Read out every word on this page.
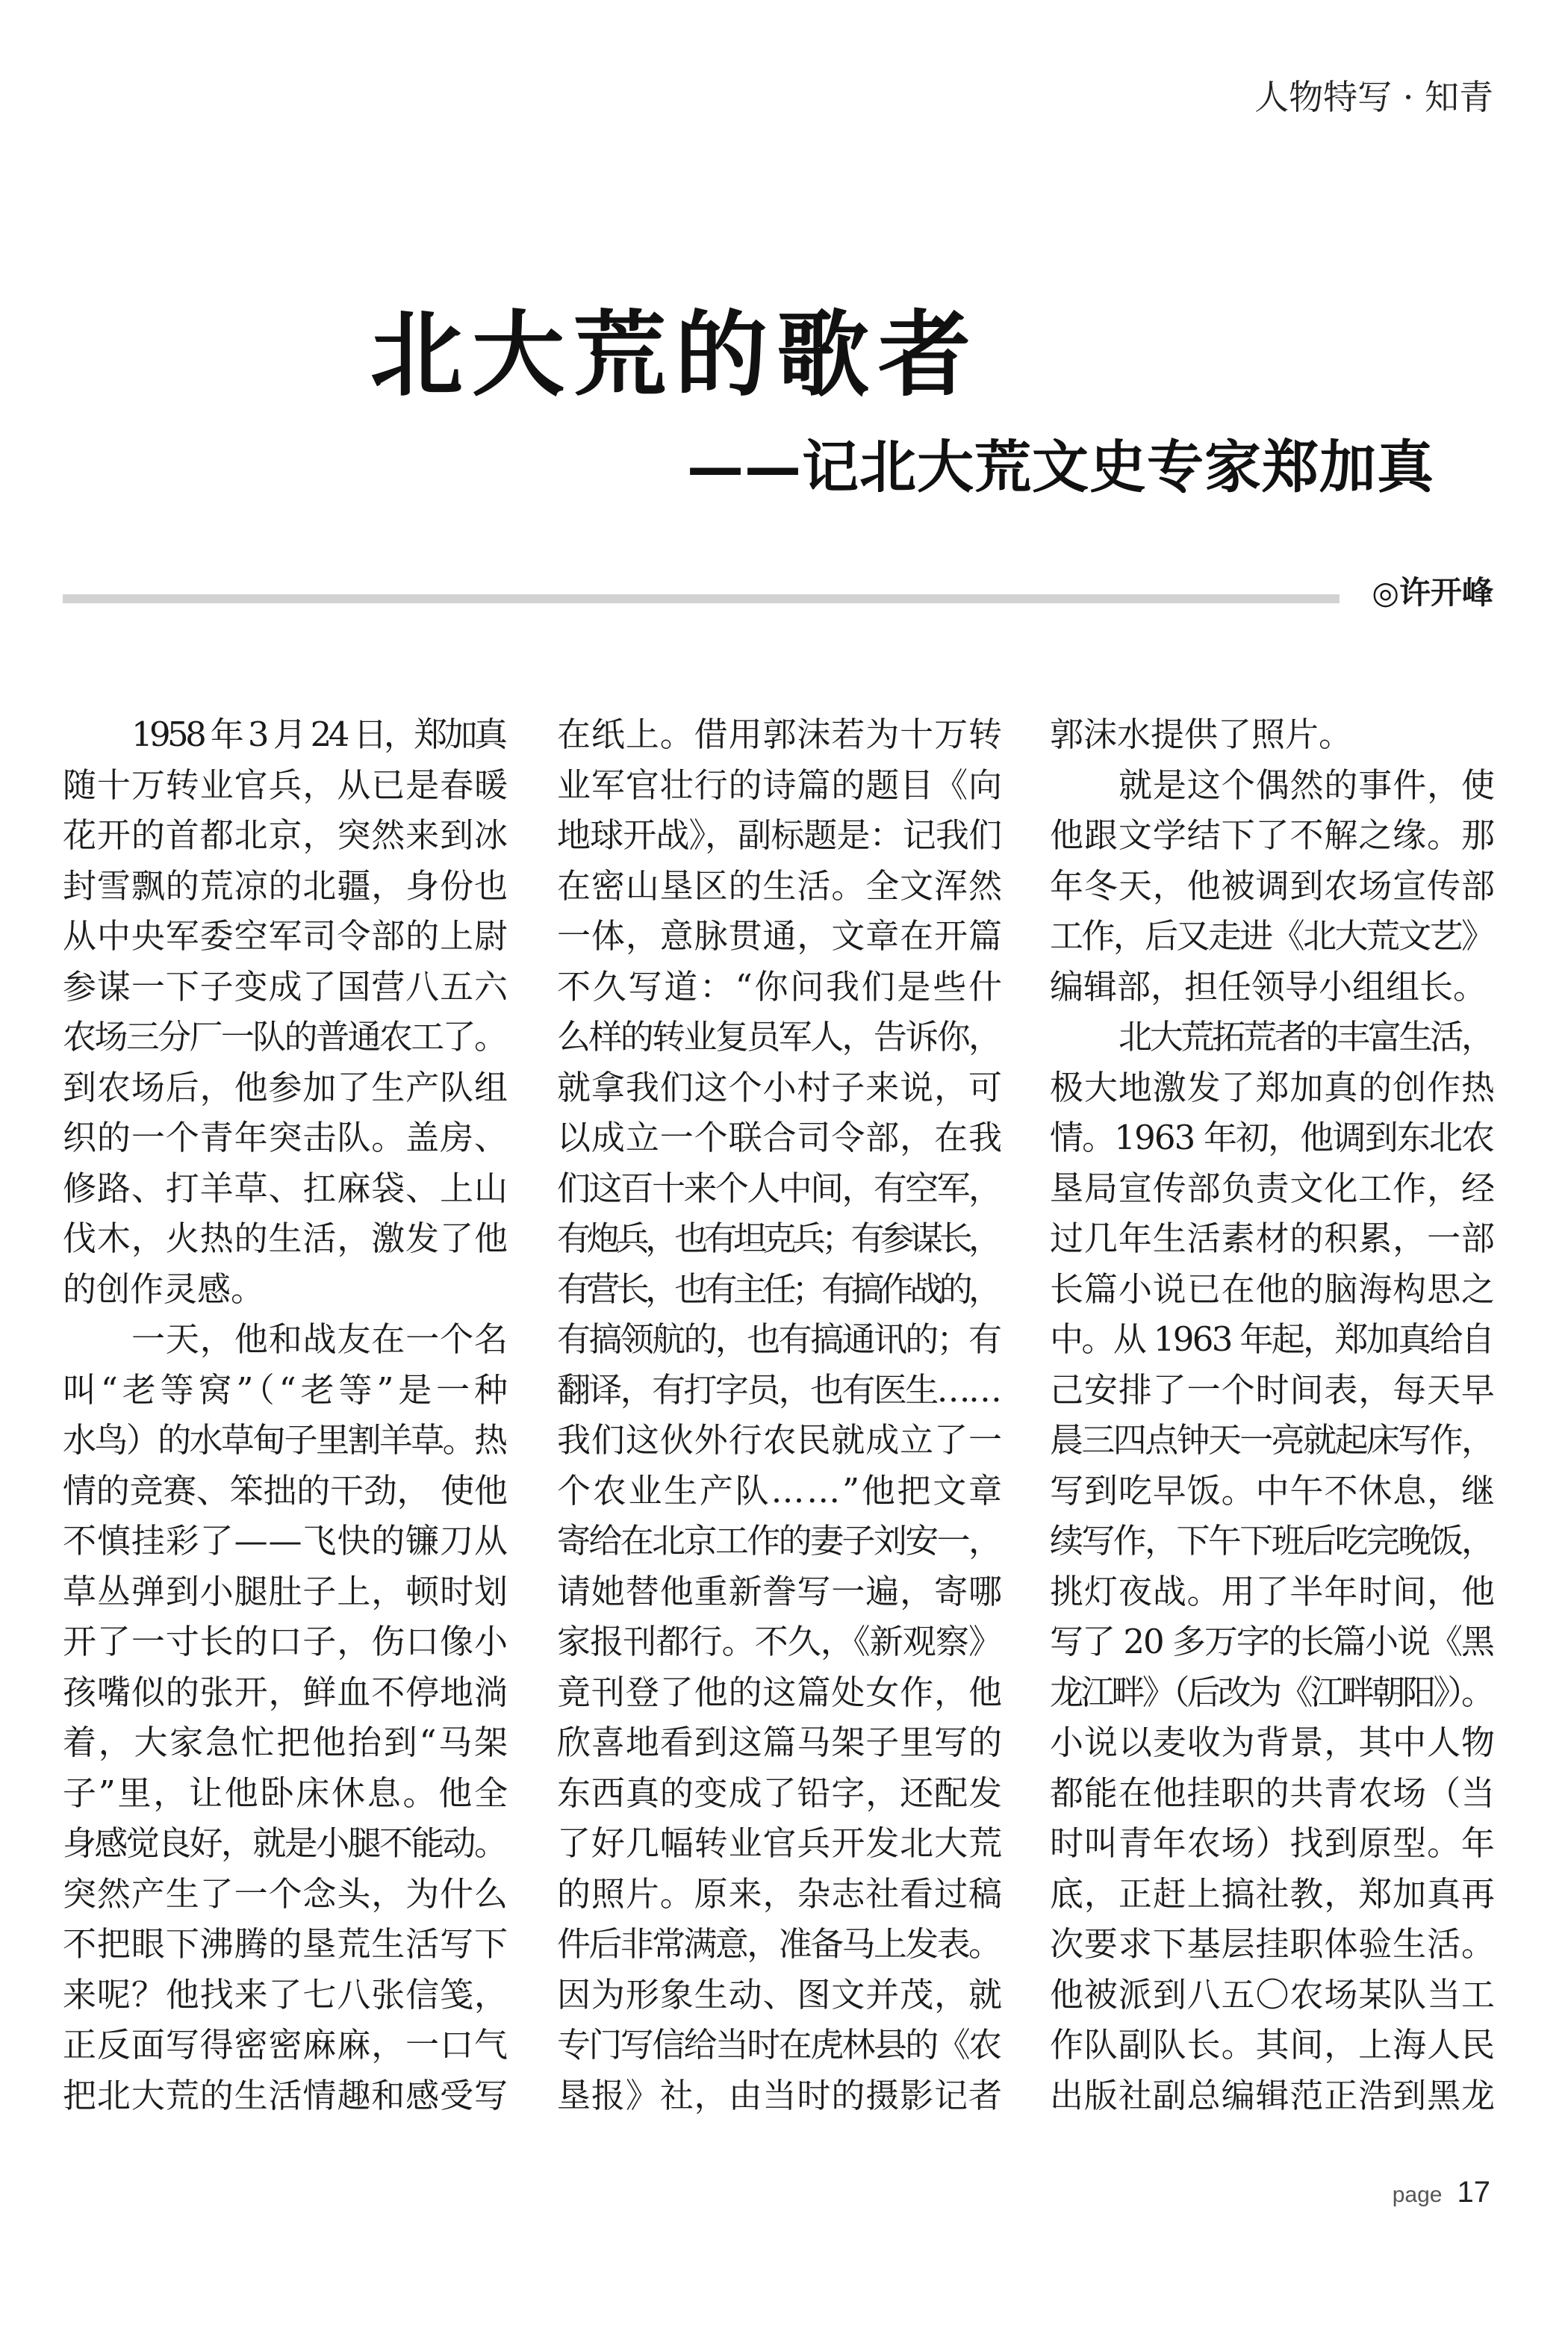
人物特写 · 知青
北大荒的歌者
——记北大荒文史专家郑加真
◎许开峰
1958 年 3 月 24 日，郑加真
随十万转业官兵，从已是春暖
花开的首都北京，突然来到冰
封雪飘的荒凉的北疆，身份也
从中央军委空军司令部的上尉
参谋一下子变成了国营八五六
农场三分厂一队的普通农工了。
到农场后，他参加了生产队组
织的一个青年突击队。盖房、
修路、打羊草、扛麻袋、上山
伐木，火热的生活，激发了他
的创作灵感。
一天，他和战友在一个名
叫“老等窝”（“老等”是一种
水鸟）的水草甸子里割羊草。热
情的竞赛、笨拙的干劲， 使他
不慎挂彩了——飞快的镰刀从
草丛弹到小腿肚子上，顿时划
开了一寸长的口子，伤口像小
孩嘴似的张开，鲜血不停地淌
着，大家急忙把他抬到“马架
子”里，让他卧床休息。他全
身感觉良好，就是小腿不能动。
突然产生了一个念头，为什么
不把眼下沸腾的垦荒生活写下
来呢？他找来了七八张信笺，
正反面写得密密麻麻，一口气
把北大荒的生活情趣和感受写
在纸上。借用郭沫若为十万转
业军官壮行的诗篇的题目《向
地球开战》，副标题是：记我们
在密山垦区的生活。全文浑然
一体，意脉贯通，文章在开篇
不久写道：“你问我们是些什
么样的转业复员军人，告诉你，
就拿我们这个小村子来说，可
以成立一个联合司令部，在我
们这百十来个人中间，有空军，
有炮兵，也有坦克兵；有参谋长，
有营长，也有主任；有搞作战的，
有搞领航的，也有搞通讯的；有
翻译，有打字员，也有医生……
我们这伙外行农民就成立了一
个农业生产队……”他把文章
寄给在北京工作的妻子刘安一，
请她替他重新誊写一遍，寄哪
家报刊都行。不久，《新观察》
竟刊登了他的这篇处女作，他
欣喜地看到这篇马架子里写的
东西真的变成了铅字，还配发
了好几幅转业官兵开发北大荒
的照片。原来，杂志社看过稿
件后非常满意，准备马上发表。
因为形象生动、图文并茂，就
专门写信给当时在虎林县的《农
垦报》社，由当时的摄影记者
郭沫水提供了照片。
就是这个偶然的事件，使
他跟文学结下了不解之缘。那
年冬天，他被调到农场宣传部
工作，后又走进《北大荒文艺》
编辑部，担任领导小组组长。
北大荒拓荒者的丰富生活，
极大地激发了郑加真的创作热
情。1963 年初，他调到东北农
垦局宣传部负责文化工作，经
过几年生活素材的积累，一部
长篇小说已在他的脑海构思之
中。从 1963 年起，郑加真给自
己安排了一个时间表，每天早
晨三四点钟天一亮就起床写作，
写到吃早饭。中午不休息，继
续写作，下午下班后吃完晚饭，
挑灯夜战。用了半年时间，他
写了 20 多万字的长篇小说《黑
龙江畔》（后改为《江畔朝阳》）。
小说以麦收为背景，其中人物
都能在他挂职的共青农场（当
时叫青年农场）找到原型。年
底，正赶上搞社教，郑加真再
次要求下基层挂职体验生活。
他被派到八五〇农场某队当工
作队副队长。其间，上海人民
出版社副总编辑范正浩到黑龙
page 17
